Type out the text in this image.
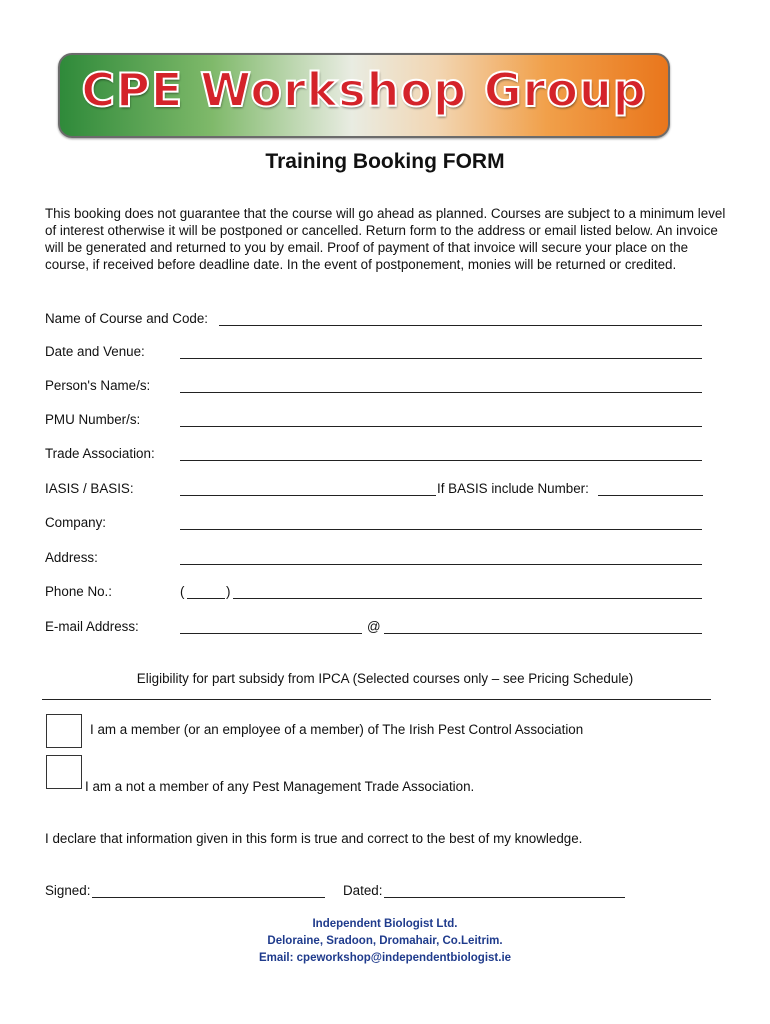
CPE Workshop Group
Training Booking FORM
This booking does not guarantee that the course will go ahead as planned. Courses are subject to a minimum level of interest otherwise it will be postponed or cancelled. Return form to the address or email listed below. An invoice will be generated and returned to you by email. Proof of payment of that invoice will secure your place on the course, if received before deadline date. In the event of postponement, monies will be returned or credited.
Name of Course and Code:
Date and Venue:
Person's Name/s:
PMU Number/s:
Trade Association:
IASIS / BASIS:	If BASIS include Number:
Company:
Address:
Phone No.:	(	)
E-mail Address:	@
Eligibility for part subsidy from IPCA (Selected courses only – see Pricing Schedule)
I am a member (or an employee of a member) of The Irish Pest Control Association
I am a not a member of any Pest Management Trade Association.
I declare that information given in this form is true and correct to the best of my knowledge.
Signed:	Dated:
Independent Biologist Ltd.
Deloraine, Sradoon, Dromahair, Co.Leitrim.
Email: cpeworkshop@independentbiologist.ie
